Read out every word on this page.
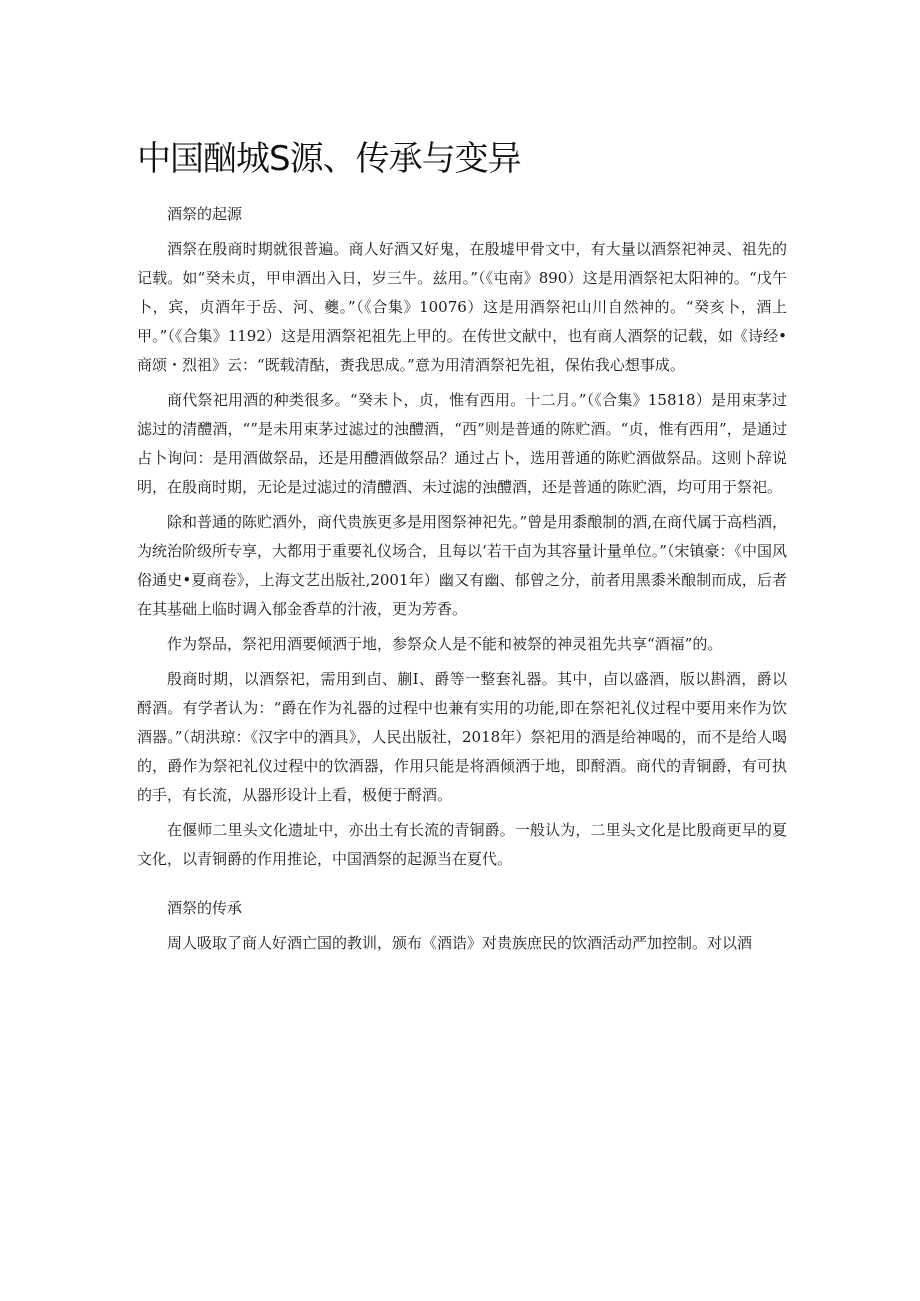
中国酗城S源、传承与变异
酒祭的起源

酒祭在殷商时期就很普遍。商人好酒又好鬼，在殷墟甲骨文中，有大量以酒祭祀神灵、祖先的记载。如“癸未贞，甲申酒出入日，岁三牛。兹用。”（《屯南》890）这是用酒祭祀太阳神的。“戊午卜，宾，贞酒年于岳、河、夔。”（《合集》10076）这是用酒祭祀山川自然神的。“癸亥卜，酒上甲。”（《合集》1192）这是用酒祭祀祖先上甲的。在传世文献中，也有商人酒祭的记载，如《诗经•商颂・烈祖》云：“既载清酤，赉我思成。”意为用清酒祭祀先祖，保佑我心想事成。

商代祭祀用酒的种类很多。“癸未卜，贞，惟有西用。十二月。”（《合集》15818）是用束茅过滤过的清醴酒，“”是未用束茅过滤过的浊醴酒，“西”则是普通的陈贮酒。“贞，惟有西用”，是通过占卜询问：是用酒做祭品，还是用醴酒做祭品？通过占卜，选用普通的陈贮酒做祭品。这则卜辞说明，在殷商时期，无论是过滤过的清醴酒、未过滤的浊醴酒，还是普通的陈贮酒，均可用于祭祀。

除和普通的陈贮酒外，商代贵族更多是用图祭神祀先。”曾是用黍酿制的酒,在商代属于高档酒，为统治阶级所专享，大都用于重要礼仪场合，且每以‘若干卣为其容量计量单位。”（宋镇豪：《中国风俗通史•夏商卷》，上海文艺出版社,2001年）幽又有幽、郁曾之分，前者用黑黍米酿制而成，后者在其基础上临时调入郁金香草的汁液，更为芳香。

作为祭品，祭祀用酒要倾洒于地，参祭众人是不能和被祭的神灵祖先共享“酒福”的。

殷商时期，以酒祭祀，需用到卣、蒯I、爵等一整套礼器。其中，卣以盛酒，版以斟酒，爵以酹酒。有学者认为：“爵在作为礼器的过程中也兼有实用的功能,即在祭祀礼仪过程中要用来作为饮酒器。”（胡洪琼：《汉字中的酒具》，人民出版社，2018年）祭祀用的酒是给神喝的，而不是给人喝的，爵作为祭祀礼仪过程中的饮酒器，作用只能是将酒倾洒于地，即酹酒。商代的青铜爵，有可执的手，有长流，从器形设计上看，极便于酹酒。

在偃师二里头文化遗址中，亦出土有长流的青铜爵。一般认为，二里头文化是比殷商更早的夏文化，以青铜爵的作用推论，中国酒祭的起源当在夏代。

酒祭的传承

周人吸取了商人好酒亡国的教训，颁布《酒诰》对贵族庶民的饮酒活动严加控制。对以酒
